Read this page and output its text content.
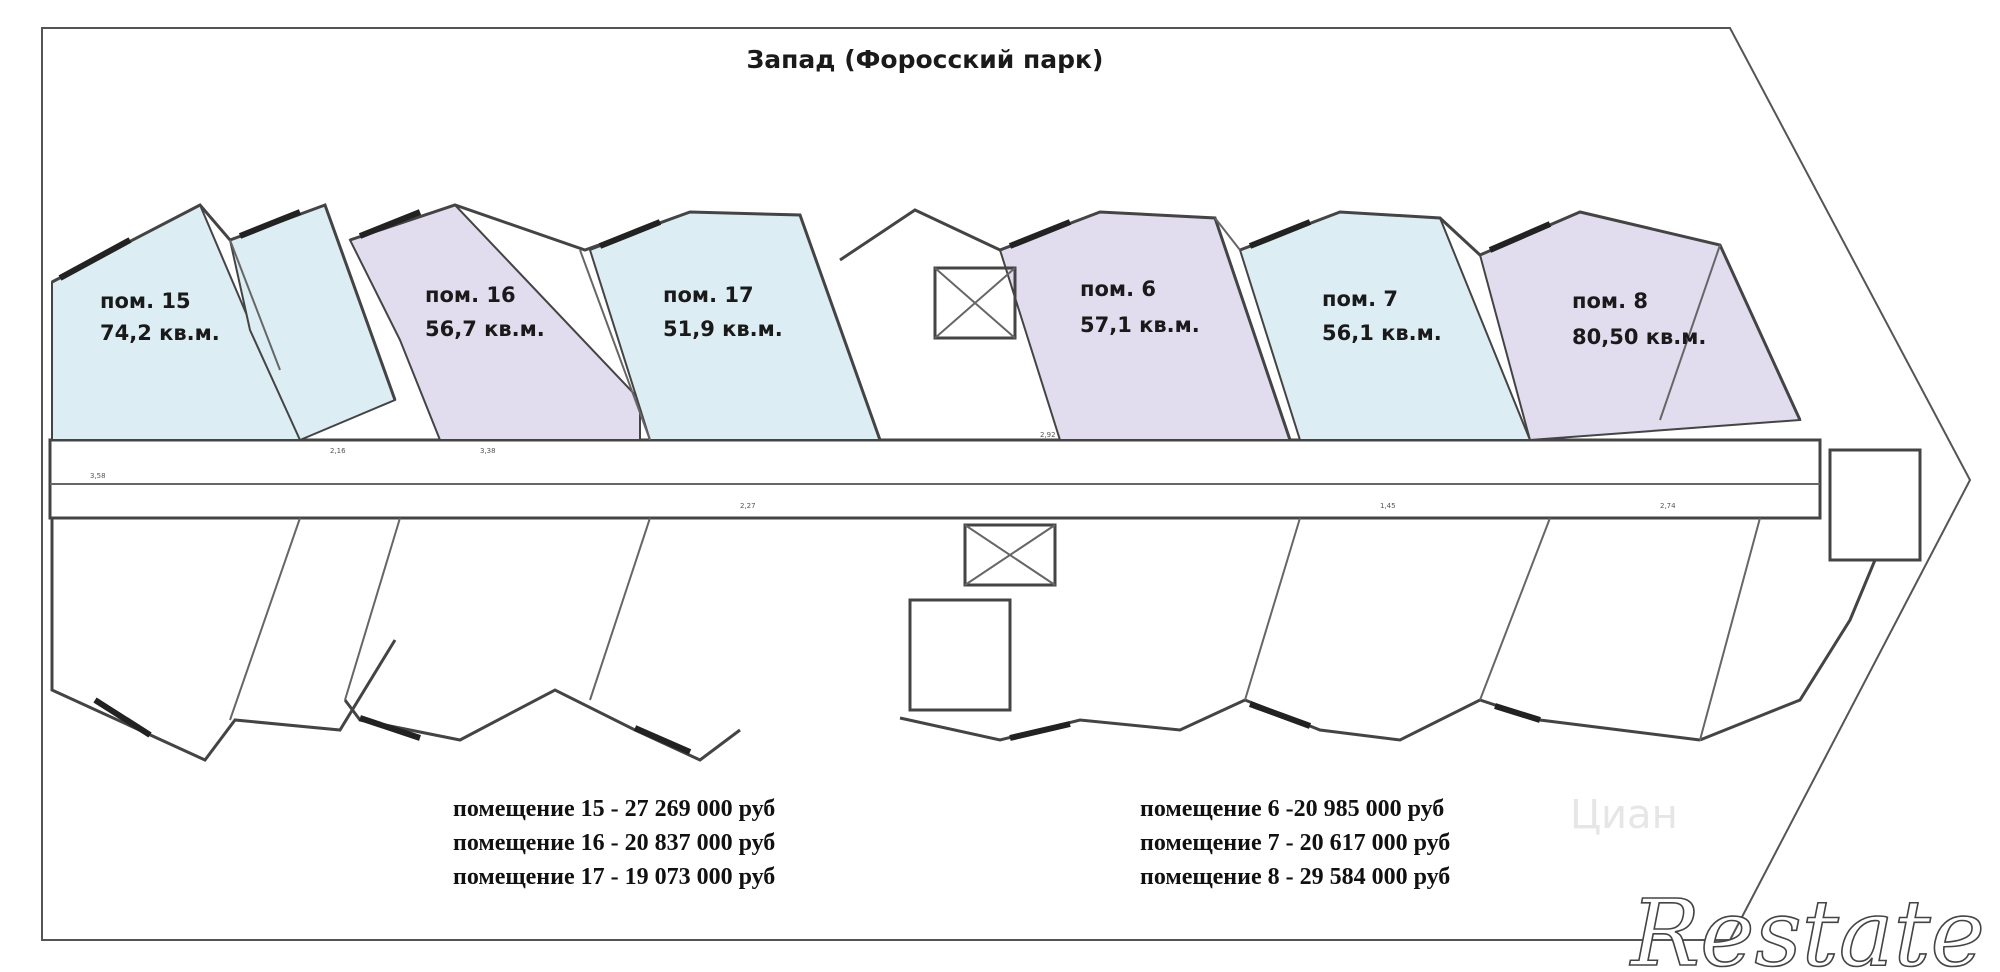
3,58
2,16	3,38
2,27
2,92
1,45	2,74
Запад (Форосский парк)
пом. 15
74,2 кв.м.
пом. 16
56,7 кв.м.
пом. 17
51,9 кв.м.
пом. 6
57,1 кв.м.
пом. 7
56,1 кв.м.
пом. 8
80,50 кв.м.
помещение 15 - 27 269 000 руб
помещение 16 - 20 837 000 руб
помещение 17 - 19 073 000 руб
помещение 6 -20 985 000 руб
помещение 7 - 20 617 000 руб
помещение 8 - 29 584 000 руб
Циан
Restate
